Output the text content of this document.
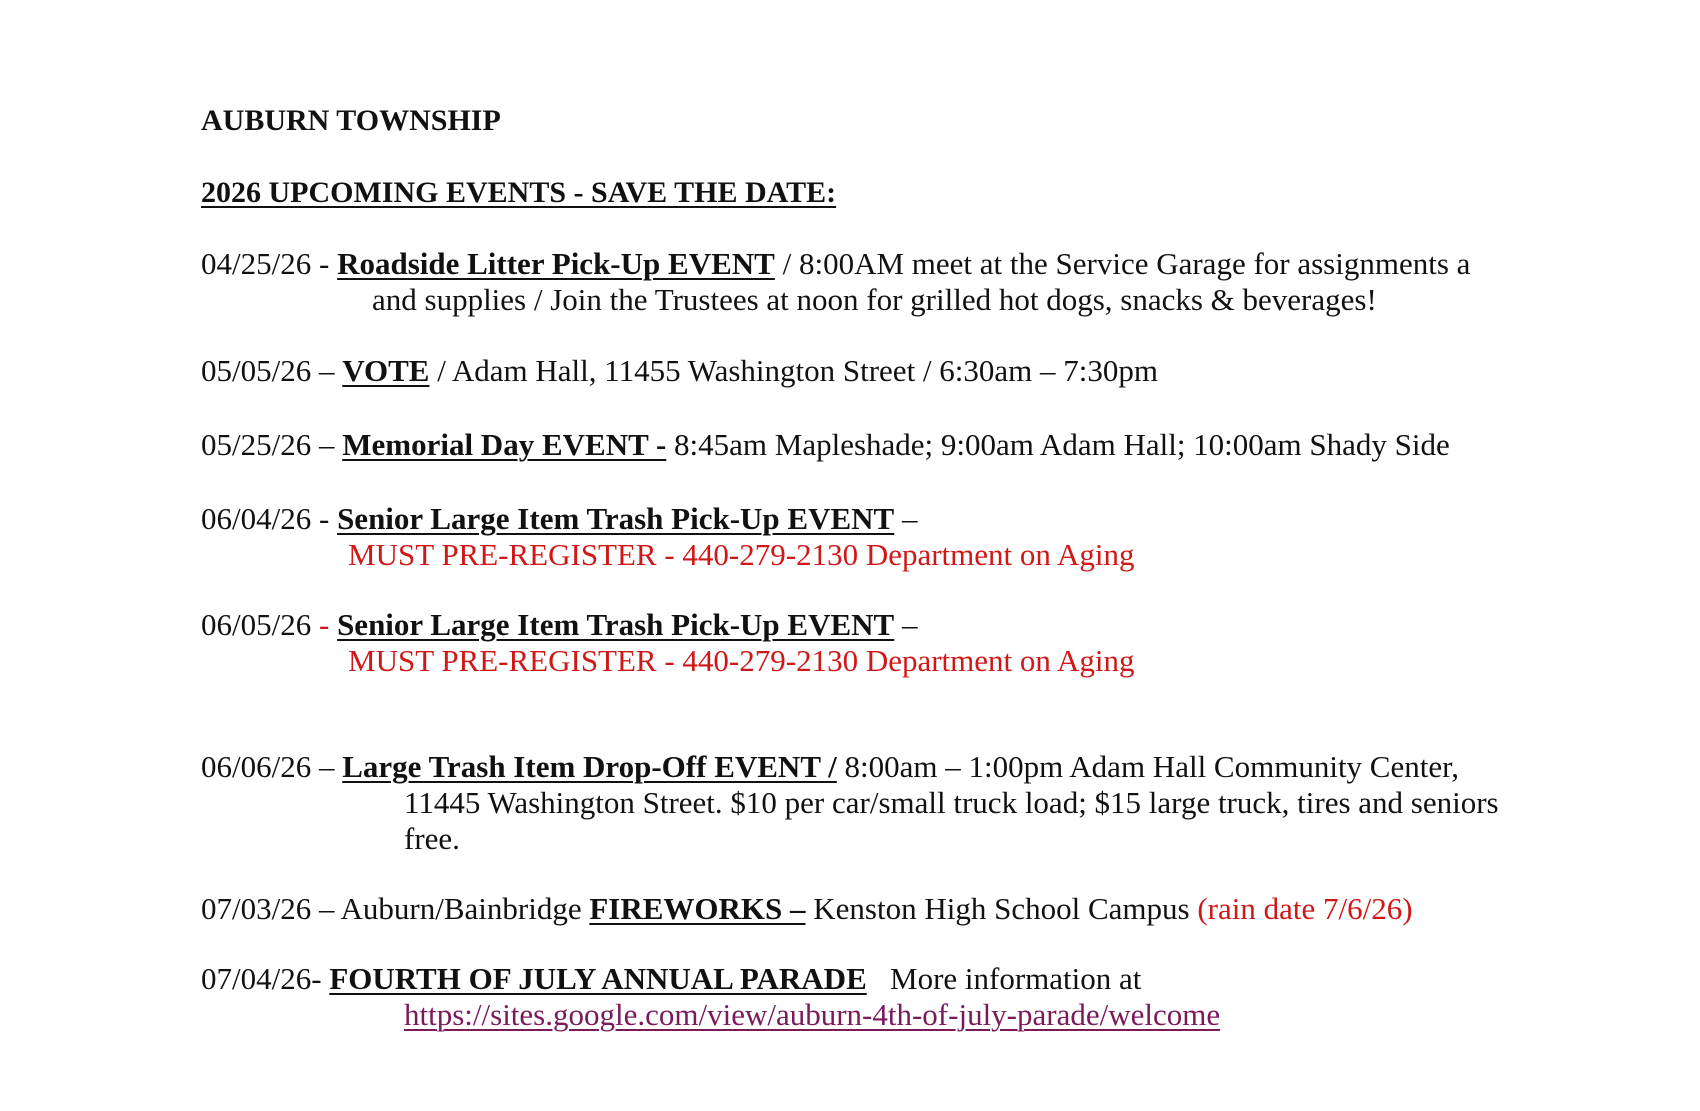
AUBURN TOWNSHIP
2026 UPCOMING EVENTS - SAVE THE DATE:
04/25/26 - Roadside Litter Pick-Up EVENT / 8:00AM meet at the Service Garage for assignments a
and supplies / Join the Trustees at noon for grilled hot dogs, snacks & beverages!
05/05/26 – VOTE / Adam Hall, 11455 Washington Street / 6:30am – 7:30pm
05/25/26 – Memorial Day EVENT - 8:45am Mapleshade; 9:00am Adam Hall; 10:00am Shady Side
06/04/26 - Senior Large Item Trash Pick-Up EVENT –
MUST PRE-REGISTER - 440-279-2130 Department on Aging
06/05/26 - Senior Large Item Trash Pick-Up EVENT –
MUST PRE-REGISTER - 440-279-2130 Department on Aging
06/06/26 – Large Trash Item Drop-Off EVENT / 8:00am – 1:00pm Adam Hall Community Center,
11445 Washington Street. $10 per car/small truck load; $15 large truck, tires and seniors
free.
07/03/26 – Auburn/Bainbridge FIREWORKS – Kenston High School Campus (rain date 7/6/26)
07/04/26- FOURTH OF JULY ANNUAL PARADE   More information at
https://sites.google.com/view/auburn-4th-of-july-parade/welcome
